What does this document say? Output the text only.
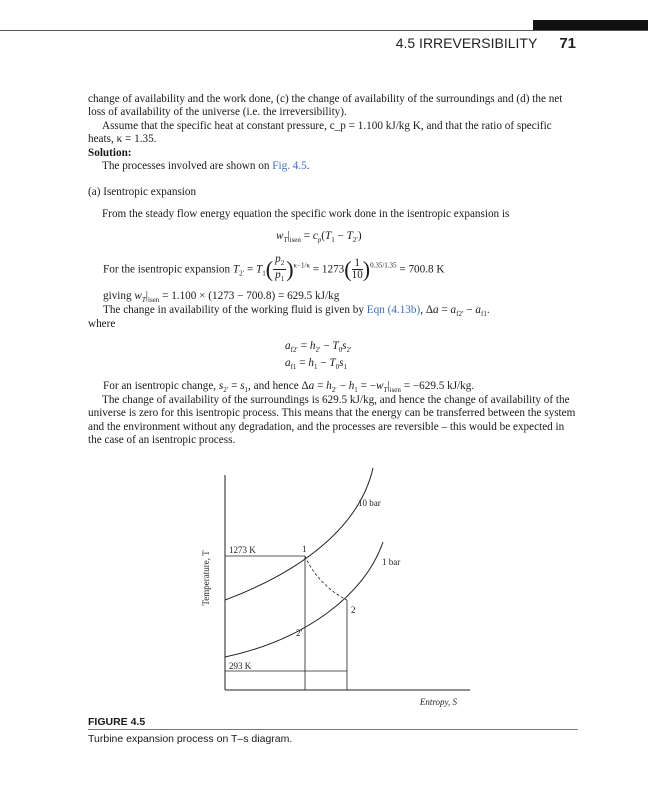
4.5 IRREVERSIBILITY 71

change of availability and the work done, (c) the change of availability of the surroundings and (d) the net loss of availability of the universe (i.e. the irreversibility).

Assume that the specific heat at constant pressure, c_p = 1.100 kJ/kg K, and that the ratio of specific heats, κ = 1.35.

Solution:

The processes involved are shown on Fig. 4.5.

(a) Isentropic expansion
From the steady flow energy equation the specific work done in the isentropic expansion is
$w_T|_{isen} = c_p(T_1 - T_{2'})$
For the isentropic expansion $T_{2'} = T_1( \frac{p_2}{p_1} )^{\kappa-1/\kappa} = 1273( \frac{1}{10} )^{0.35/1.35} = 700.8$ K
giving $w_T|_{isen} = 1.100 \times (1273 - 700.8) = 629.5$ kJ/kg
The change in availability of the working fluid is given by Eqn (4.13b), $\Delta a = a_{f2'} - a_{f1}$.
where
$a_{f2'} = h_{2'} - T_0s_{2'}$
$a_{f1} = h_1 - T_0s_1$
For an isentropic change, $s_{2'} = s_1$, and hence $\Delta a = h_{2'} - h_1 = -w_T|_{isen} = -629.5$ kJ/kg.
The change of availability of the surroundings is 629.5 kJ/kg, and hence the change of availability of the universe is zero for this isentropic process. This means that the energy can be transferred between the system and the environment without any degradation, and the processes are reversible – this would be expected in the case of an isentropic process.
Temperature, T
Entropy, S
1273 K
293 K
10 bar
1 bar
1
2
2'
FIGURE 4.5
Turbine expansion process on T–s diagram.
